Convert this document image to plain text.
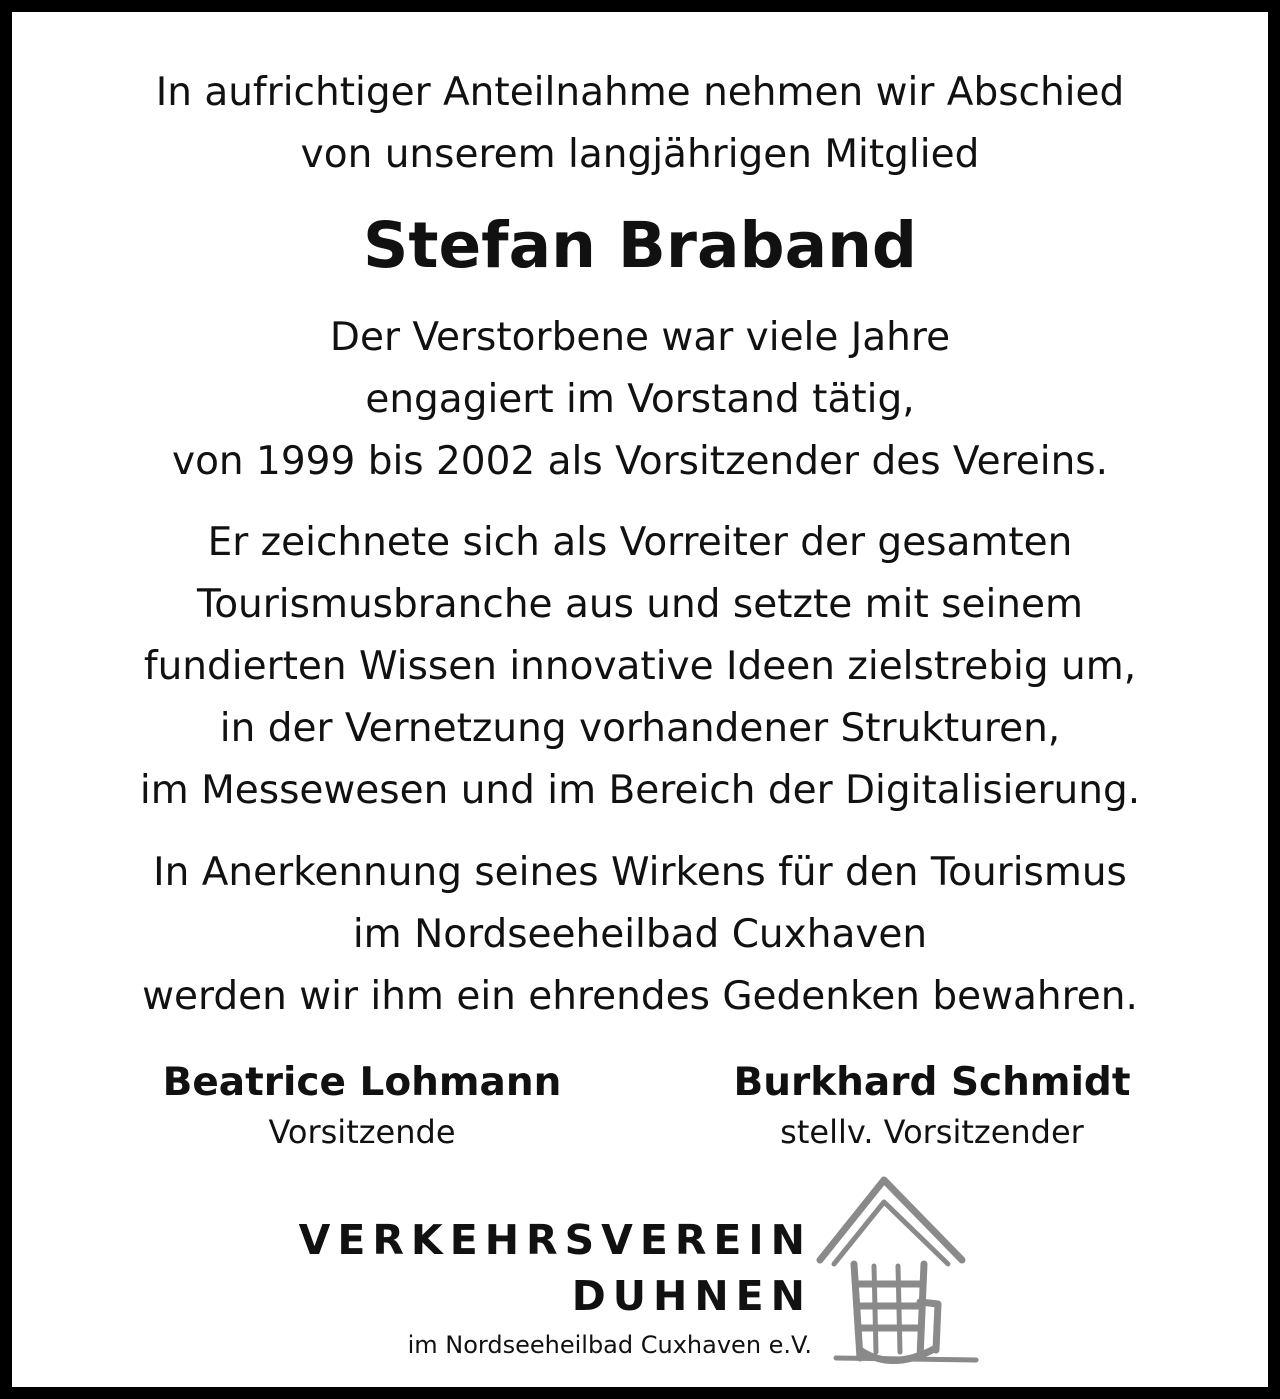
In aufrichtiger Anteilnahme nehmen wir Abschied
von unserem langjährigen Mitglied
Stefan Braband
Der Verstorbene war viele Jahre
engagiert im Vorstand tätig,
von 1999 bis 2002 als Vorsitzender des Vereins.
Er zeichnete sich als Vorreiter der gesamten
Tourismusbranche aus und setzte mit seinem
fundierten Wissen innovative Ideen zielstrebig um,
in der Vernetzung vorhandener Strukturen,
im Messewesen und im Bereich der Digitalisierung.
In Anerkennung seines Wirkens für den Tourismus
im Nordseeheilbad Cuxhaven
werden wir ihm ein ehrendes Gedenken bewahren.
Beatrice Lohmann
Vorsitzende
Burkhard Schmidt
stellv. Vorsitzender
VERKEHRSVEREIN
DUHNEN
im Nordseeheilbad Cuxhaven e.V.
